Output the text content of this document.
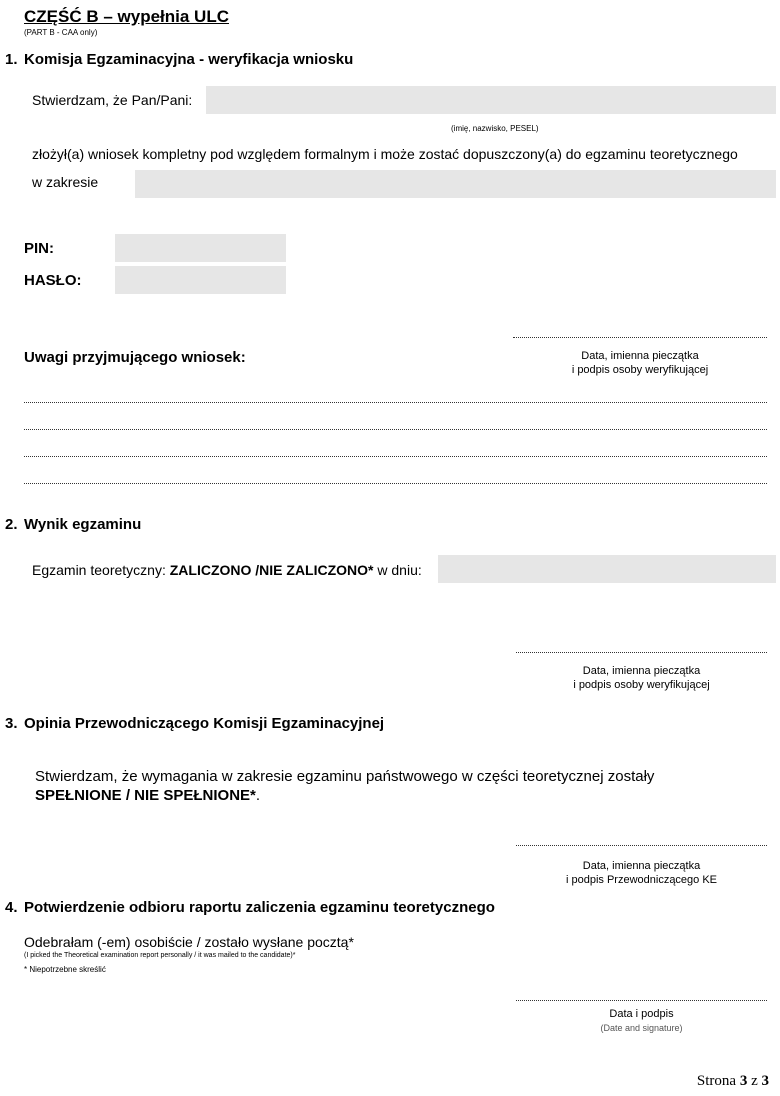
CZĘŚĆ B – wypełnia ULC
(PART B - CAA only)
1. Komisja Egzaminacyjna - weryfikacja wniosku
Stwierdzam, że Pan/Pani:
(imię, nazwisko, PESEL)
złożył(a) wniosek kompletny pod względem formalnym i może zostać dopuszczony(a) do egzaminu teoretycznego
w zakresie
PIN:
HASŁO:
Uwagi przyjmującego wniosek:	Data, imienna pieczątka
i podpis osoby weryfikującej
2. Wynik egzaminu
Egzamin teoretyczny: ZALICZONO /NIE ZALICZONO* w dniu:
Data, imienna pieczątka
i podpis osoby weryfikującej
3. Opinia Przewodniczącego Komisji Egzaminacyjnej
Stwierdzam, że wymagania w zakresie egzaminu państwowego w części teoretycznej zostały
SPEŁNIONE / NIE SPEŁNIONE*.
Data, imienna pieczątka
i podpis Przewodniczącego KE
4. Potwierdzenie odbioru raportu zaliczenia egzaminu teoretycznego
Odebrałam (-em) osobiście / zostało wysłane pocztą*
(I picked the Theoretical examination report personally / it was mailed to the candidate)*
* Niepotrzebne skreślić
Data i podpis
(Date and signature)
Strona 3 z 3
